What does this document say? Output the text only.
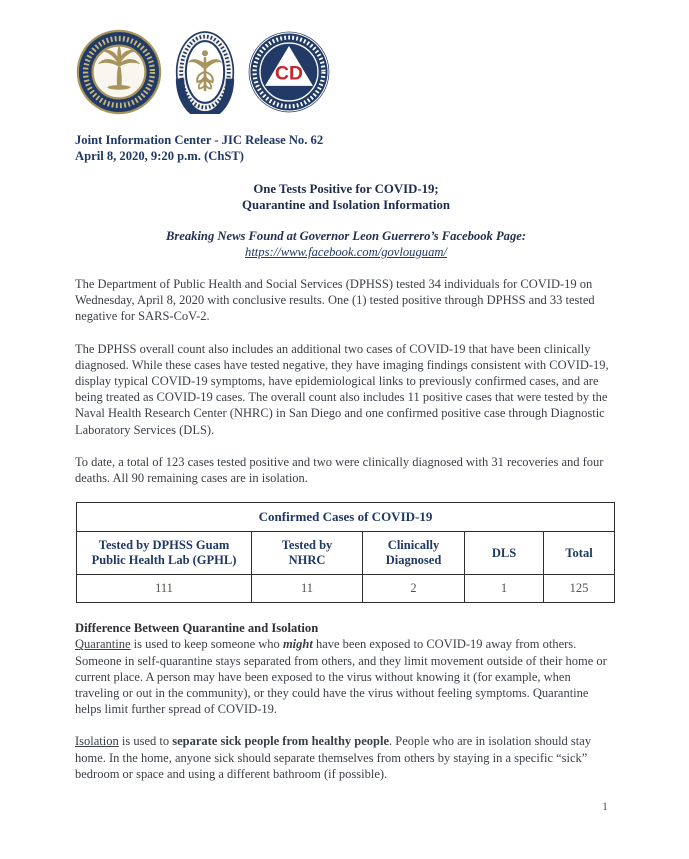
CD
Joint Information Center - JIC Release No. 62
April 8, 2020, 9:20 p.m. (ChST)
One Tests Positive for COVID-19;
Quarantine and Isolation Information
Breaking News Found at Governor Leon Guerrero’s Facebook Page:
https://www.facebook.com/govlouguam/

The Department of Public Health and Social Services (DPHSS) tested 34 individuals for COVID-19 on Wednesday, April 8, 2020 with conclusive results. One (1) tested positive through DPHSS and 33 tested negative for SARS-CoV-2.

The DPHSS overall count also includes an additional two cases of COVID-19 that have been clinically diagnosed. While these cases have tested negative, they have imaging findings consistent with COVID-19, display typical COVID-19 symptoms, have epidemiological links to previously confirmed cases, and are being treated as COVID-19 cases. The overall count also includes 11 positive cases that were tested by the Naval Health Research Center (NHRC) in San Diego and one confirmed positive case through Diagnostic Laboratory Services (DLS).

To date, a total of 123 cases tested positive and two were clinically diagnosed with 31 recoveries and four deaths. All 90 remaining cases are in isolation.

Confirmed Cases of COVID-19				
Tested by DPHSS Guam Public Health Lab (GPHL)	Tested by NHRC	Clinically Diagnosed	DLS	Total
111	11	2	1	125
Difference Between Quarantine and Isolation

Quarantine is used to keep someone who might have been exposed to COVID-19 away from others. Someone in self-quarantine stays separated from others, and they limit movement outside of their home or current place. A person may have been exposed to the virus without knowing it (for example, when traveling or out in the community), or they could have the virus without feeling symptoms. Quarantine helps limit further spread of COVID-19.

Isolation is used to separate sick people from healthy people. People who are in isolation should stay home. In the home, anyone sick should separate themselves from others by staying in a specific “sick” bedroom or space and using a different bathroom (if possible).

1
